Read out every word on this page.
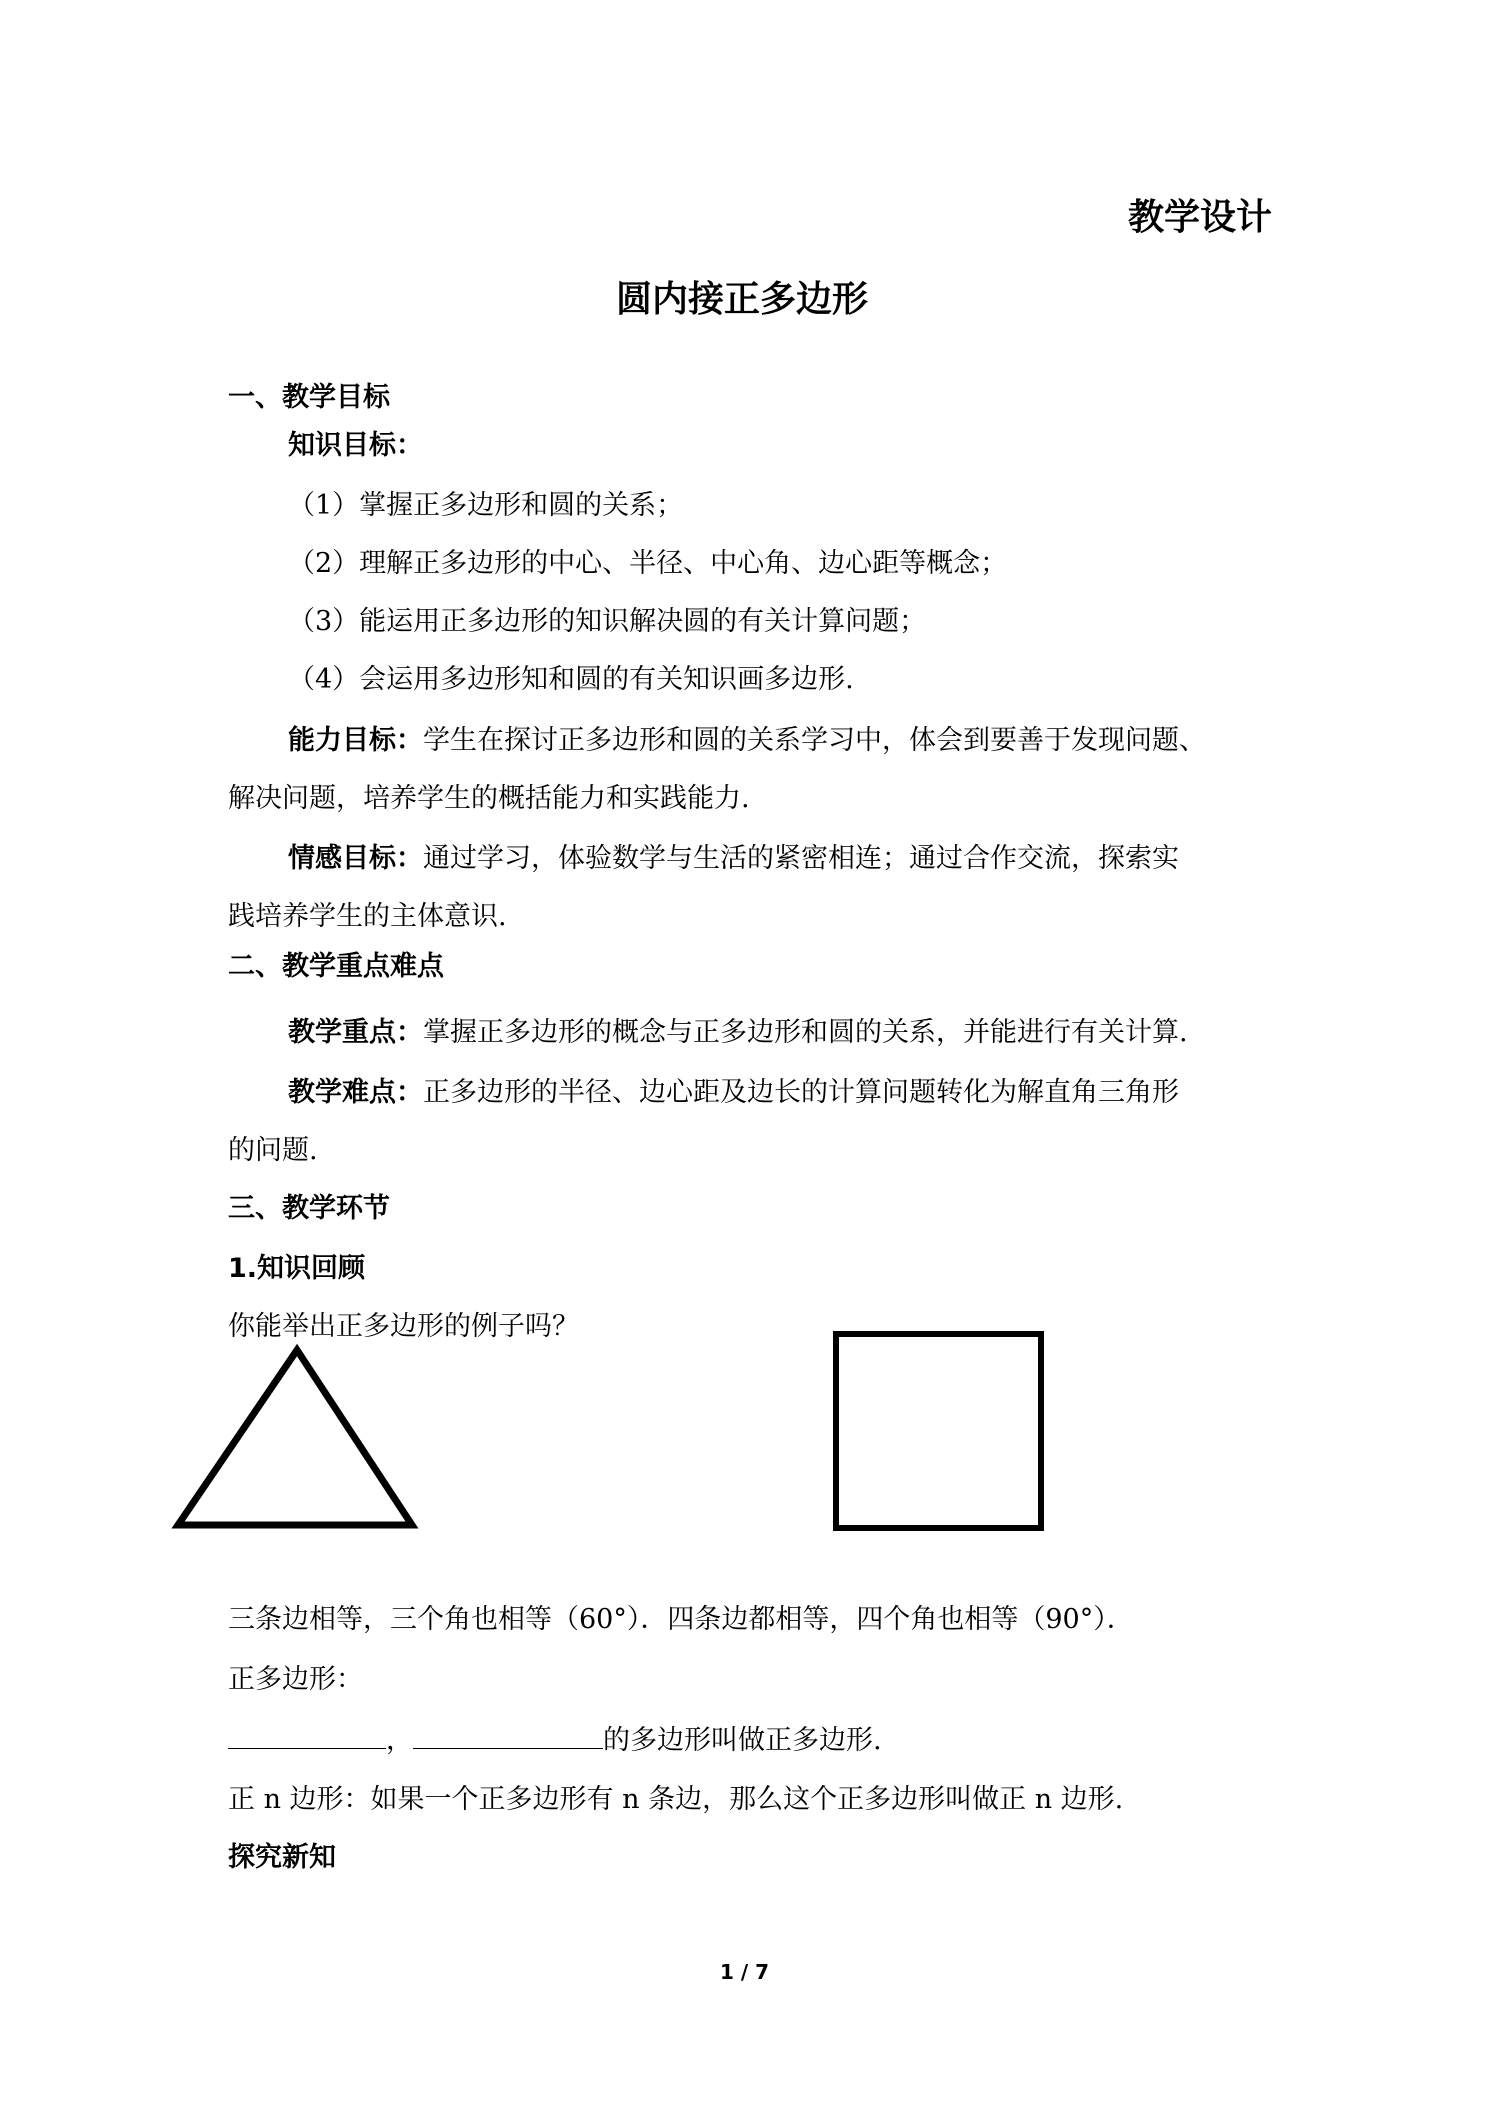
教学设计
圆内接正多边形
一、教学目标
知识目标：
（1）掌握正多边形和圆的关系；
（2）理解正多边形的中心、半径、中心角、边心距等概念；
（3）能运用正多边形的知识解决圆的有关计算问题；
（4）会运用多边形知和圆的有关知识画多边形.
能力目标：学生在探讨正多边形和圆的关系学习中，体会到要善于发现问题、
解决问题，培养学生的概括能力和实践能力.
情感目标：通过学习，体验数学与生活的紧密相连；通过合作交流，探索实
践培养学生的主体意识.
二、教学重点难点
教学重点：掌握正多边形的概念与正多边形和圆的关系，并能进行有关计算.
教学难点：正多边形的半径、边心距及边长的计算问题转化为解直角三角形
的问题.
三、教学环节
1.知识回顾
你能举出正多边形的例子吗？
三条边相等，三个角也相等（60°）．四条边都相等，四个角也相等（90°）．
正多边形：
，	的多边形叫做正多边形.
正 n 边形：如果一个正多边形有 n 条边，那么这个正多边形叫做正 n 边形.
探究新知
1 / 7
